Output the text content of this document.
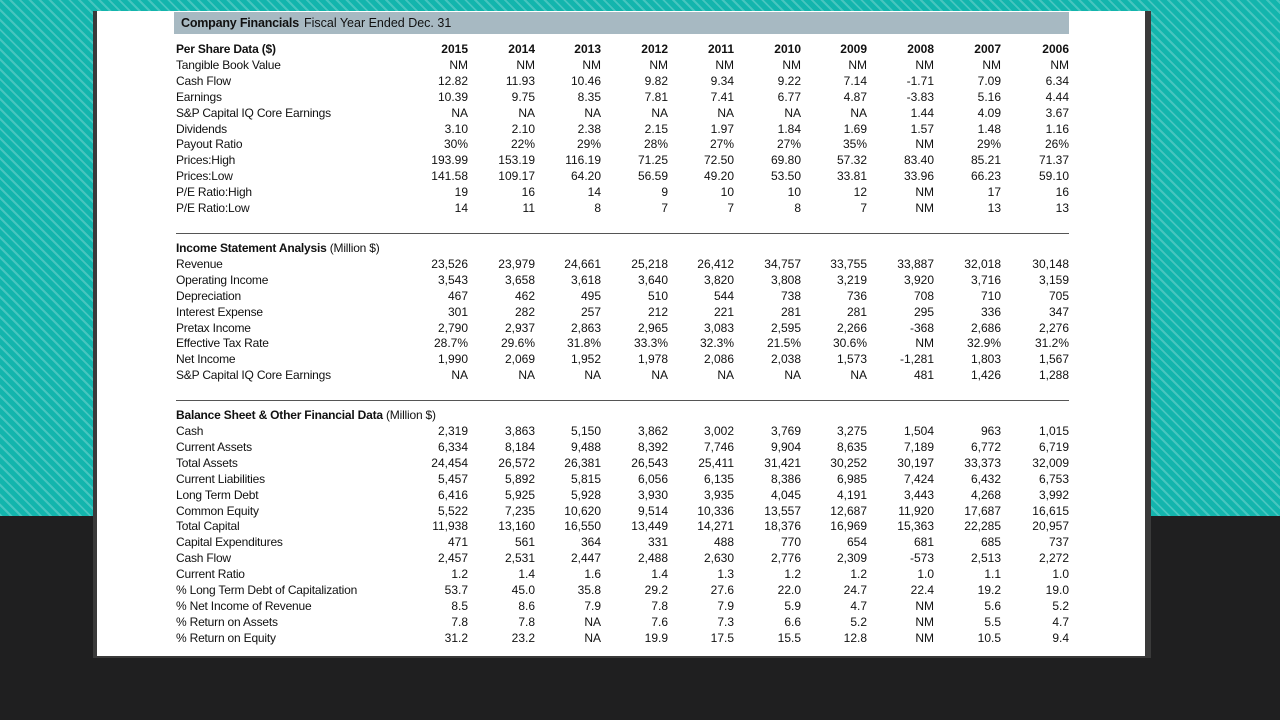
Company Financials Fiscal Year Ended Dec. 31
Per Share Data ($)	2015	2014	2013	2012	2011	2010	2009	2008	2007	2006
Tangible Book Value	NM	NM	NM	NM	NM	NM	NM	NM	NM	NM
Cash Flow	12.82	11.93	10.46	9.82	9.34	9.22	7.14	-1.71	7.09	6.34
Earnings	10.39	9.75	8.35	7.81	7.41	6.77	4.87	-3.83	5.16	4.44
S&P Capital IQ Core Earnings	NA	NA	NA	NA	NA	NA	NA	1.44	4.09	3.67
Dividends	3.10	2.10	2.38	2.15	1.97	1.84	1.69	1.57	1.48	1.16
Payout Ratio	30%	22%	29%	28%	27%	27%	35%	NM	29%	26%
Prices:High	193.99	153.19	116.19	71.25	72.50	69.80	57.32	83.40	85.21	71.37
Prices:Low	141.58	109.17	64.20	56.59	49.20	53.50	33.81	33.96	66.23	59.10
P/E Ratio:High	19	16	14	9	10	10	12	NM	17	16
P/E Ratio:Low	14	11	8	7	7	8	7	NM	13	13

Income Statement Analysis (Million $)										
Revenue	23,526	23,979	24,661	25,218	26,412	34,757	33,755	33,887	32,018	30,148
Operating Income	3,543	3,658	3,618	3,640	3,820	3,808	3,219	3,920	3,716	3,159
Depreciation	467	462	495	510	544	738	736	708	710	705
Interest Expense	301	282	257	212	221	281	281	295	336	347
Pretax Income	2,790	2,937	2,863	2,965	3,083	2,595	2,266	-368	2,686	2,276
Effective Tax Rate	28.7%	29.6%	31.8%	33.3%	32.3%	21.5%	30.6%	NM	32.9%	31.2%
Net Income	1,990	2,069	1,952	1,978	2,086	2,038	1,573	-1,281	1,803	1,567
S&P Capital IQ Core Earnings	NA	NA	NA	NA	NA	NA	NA	481	1,426	1,288

Balance Sheet & Other Financial Data (Million $)										
Cash	2,319	3,863	5,150	3,862	3,002	3,769	3,275	1,504	963	1,015
Current Assets	6,334	8,184	9,488	8,392	7,746	9,904	8,635	7,189	6,772	6,719
Total Assets	24,454	26,572	26,381	26,543	25,411	31,421	30,252	30,197	33,373	32,009
Current Liabilities	5,457	5,892	5,815	6,056	6,135	8,386	6,985	7,424	6,432	6,753
Long Term Debt	6,416	5,925	5,928	3,930	3,935	4,045	4,191	3,443	4,268	3,992
Common Equity	5,522	7,235	10,620	9,514	10,336	13,557	12,687	11,920	17,687	16,615
Total Capital	11,938	13,160	16,550	13,449	14,271	18,376	16,969	15,363	22,285	20,957
Capital Expenditures	471	561	364	331	488	770	654	681	685	737
Cash Flow	2,457	2,531	2,447	2,488	2,630	2,776	2,309	-573	2,513	2,272
Current Ratio	1.2	1.4	1.6	1.4	1.3	1.2	1.2	1.0	1.1	1.0
% Long Term Debt of Capitalization	53.7	45.0	35.8	29.2	27.6	22.0	24.7	22.4	19.2	19.0
% Net Income of Revenue	8.5	8.6	7.9	7.8	7.9	5.9	4.7	NM	5.6	5.2
% Return on Assets	7.8	7.8	NA	7.6	7.3	6.6	5.2	NM	5.5	4.7
% Return on Equity	31.2	23.2	NA	19.9	17.5	15.5	12.8	NM	10.5	9.4
